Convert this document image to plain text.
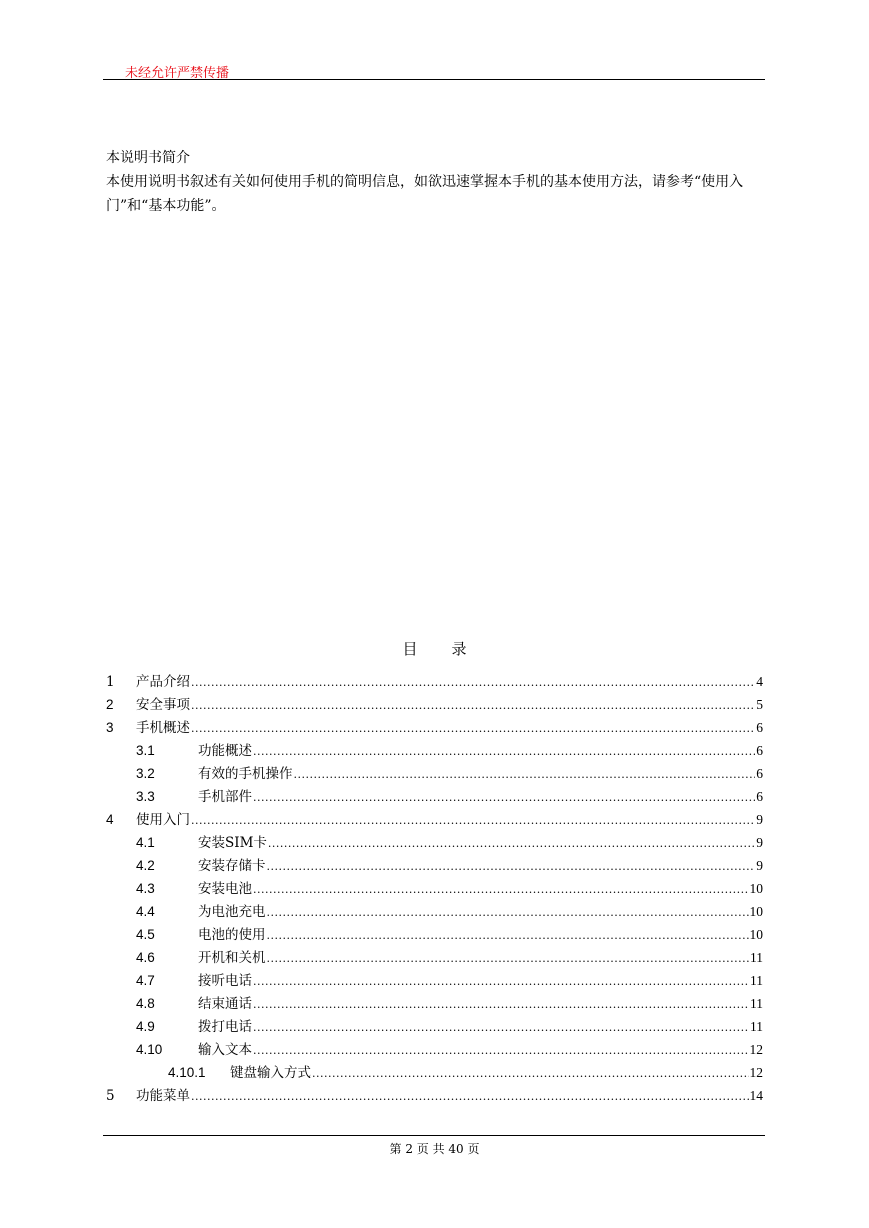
未经允许严禁传播

本说明书简介

本使用说明书叙述有关如何使用手机的简明信息，如欲迅速掌握本手机的基本使用方法，请参考“使用入门”和“基本功能”。

目 录
1	产品介绍 .....	4
2	安全事项 .....	5
3	手机概述 .....	6
3.1	功能概述 .....	6
3.2	有效的手机操作 .....	6
3.3	手机部件 .....	6
4	使用入门 .....	9
4.1	安装SIM卡 .....	9
4.2	安装存储卡 .....	9
4.3	安装电池 .....	10
4.4	为电池充电 .....	10
4.5	电池的使用 .....	10
4.6	开机和关机 .....	11
4.7	接听电话 .....	11
4.8	结束通话 .....	11
4.9	拨打电话 .....	11
4.10	输入文本 .....	12
4.10.1	键盘输入方式 .....	12
5	功能菜单 .....	14
第 2 页 共 40 页
